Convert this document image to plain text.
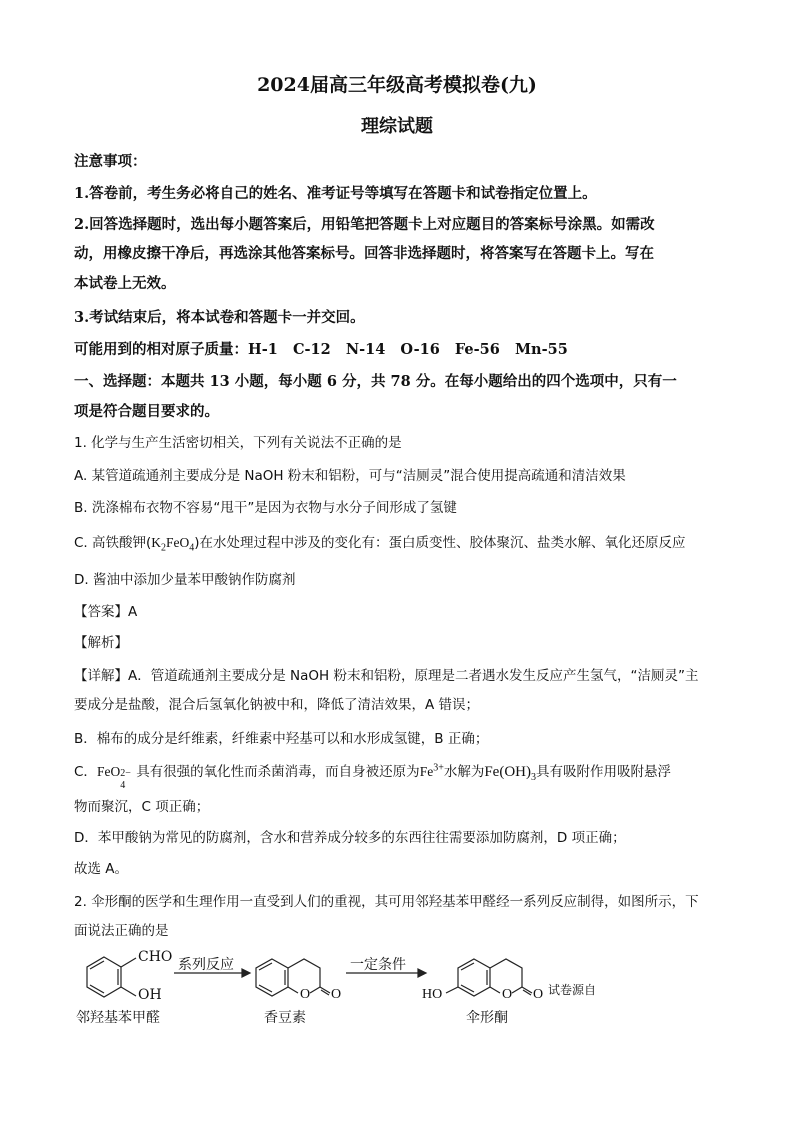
2024届高三年级高考模拟卷(九)
理综试题
注意事项：
1.答卷前，考生务必将自己的姓名、准考证号等填写在答题卡和试卷指定位置上。
2.回答选择题时，选出每小题答案后，用铅笔把答题卡上对应题目的答案标号涂黑。如需改
动，用橡皮擦干净后，再选涂其他答案标号。回答非选择题时，将答案写在答题卡上。写在
本试卷上无效。
3.考试结束后，将本试卷和答题卡一并交回。
可能用到的相对原子质量：H-1   C-12   N-14   O-16   Fe-56   Mn-55
一、选择题：本题共 13 小题，每小题 6 分，共 78 分。在每小题给出的四个选项中，只有一
项是符合题目要求的。
1. 化学与生产生活密切相关，下列有关说法不正确的是
A. 某管道疏通剂主要成分是 NaOH 粉末和铝粉，可与“洁厕灵”混合使用提高疏通和清洁效果
B. 洗涤棉布衣物不容易“甩干”是因为衣物与水分子间形成了氢键
C. 高铁酸钾$(K_2FeO_4)$在水处理过程中涉及的变化有：蛋白质变性、胶体聚沉、盐类水解、氧化还原反应
D. 酱油中添加少量苯甲酸钠作防腐剂
【答案】A
【解析】
【详解】A．管道疏通剂主要成分是 NaOH 粉末和铝粉，原理是二者遇水发生反应产生氢气，“洁厕灵”主
要成分是盐酸，混合后氢氧化钠被中和，降低了清洁效果，A 错误；
B．棉布的成分是纤维素，纤维素中羟基可以和水形成氢键，B 正确；
C．FeO 2−
4
具有很强的氧化性而杀菌消毒，而自身被还原为$Fe^{3+}$水解为$Fe(OH)_3$具有吸附作用吸附悬浮
物而聚沉，C 项正确；
D．苯甲酸钠为常见的防腐剂，含水和营养成分较多的东西往往需要添加防腐剂，D 项正确；
故选 A。
2. 伞形酮的医学和生理作用一直受到人们的重视，其可用邻羟基苯甲醛经一系列反应制得，如图所示，下
面说法正确的是
CHO
OH
邻羟基苯甲醛
系列反应
O O
香豆素
一定条件
HO	O O 试卷源自
伞形酮
